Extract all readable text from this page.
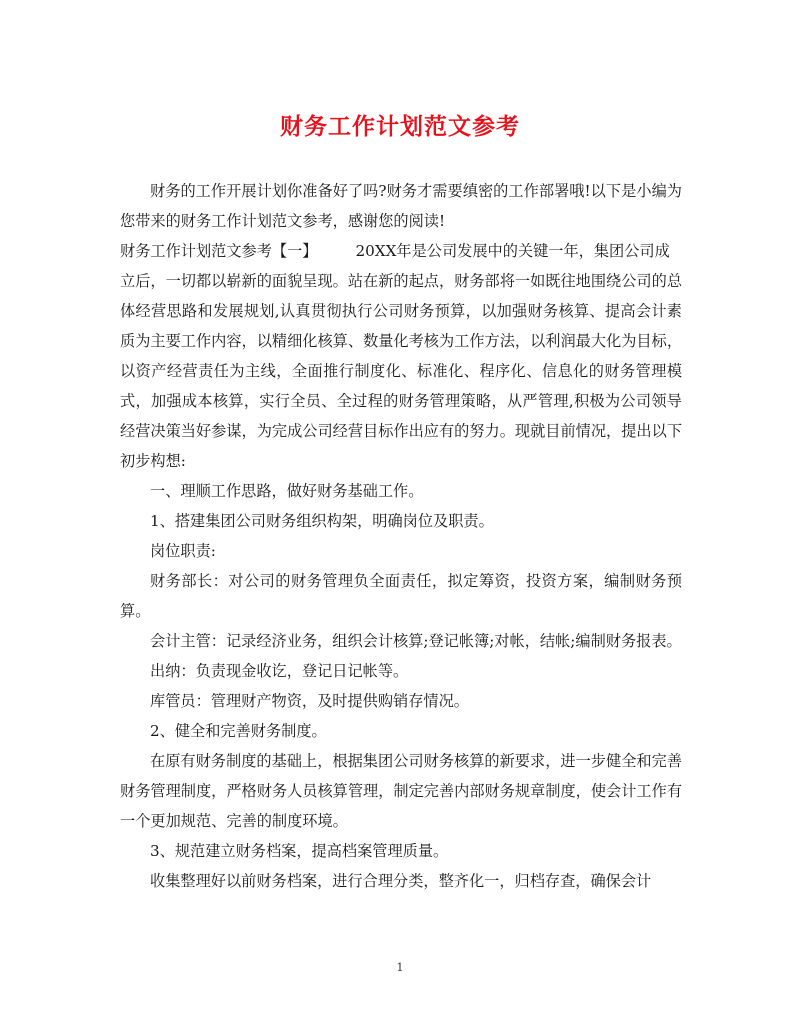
财务工作计划范文参考

财务的工作开展计划你准备好了吗?财务才需要缜密的工作部署哦!以下是小编为您带来的财务工作计划范文参考，感谢您的阅读!

财务工作计划范文参考【一】	20XX年是公司发展中的关键一年，集团公司成

立后，一切都以崭新的面貌呈现。站在新的起点，财务部将一如既往地围绕公司的总体经营思路和发展规划,认真贯彻执行公司财务预算，以加强财务核算、提高会计素质为主要工作内容，以精细化核算、数量化考核为工作方法，以利润最大化为目标，以资产经营责任为主线，全面推行制度化、标准化、程序化、信息化的财务管理模式，加强成本核算，实行全员、全过程的财务管理策略，从严管理,积极为公司领导经营决策当好参谋，为完成公司经营目标作出应有的努力。现就目前情况，提出以下初步构想:

一、理顺工作思路，做好财务基础工作。

1、搭建集团公司财务组织构架，明确岗位及职责。

岗位职责:

财务部长：对公司的财务管理负全面责任，拟定筹资，投资方案，编制财务预算。

会计主管：记录经济业务，组织会计核算;登记帐簿;对帐，结帐;编制财务报表。

出纳：负责现金收讫，登记日记帐等。

库管员：管理财产物资，及时提供购销存情况。

2、健全和完善财务制度。

在原有财务制度的基础上，根据集团公司财务核算的新要求，进一步健全和完善财务管理制度，严格财务人员核算管理，制定完善内部财务规章制度，使会计工作有一个更加规范、完善的制度环境。

3、规范建立财务档案，提高档案管理质量。

收集整理好以前财务档案，进行合理分类，整齐化一，归档存查，确保会计

1
